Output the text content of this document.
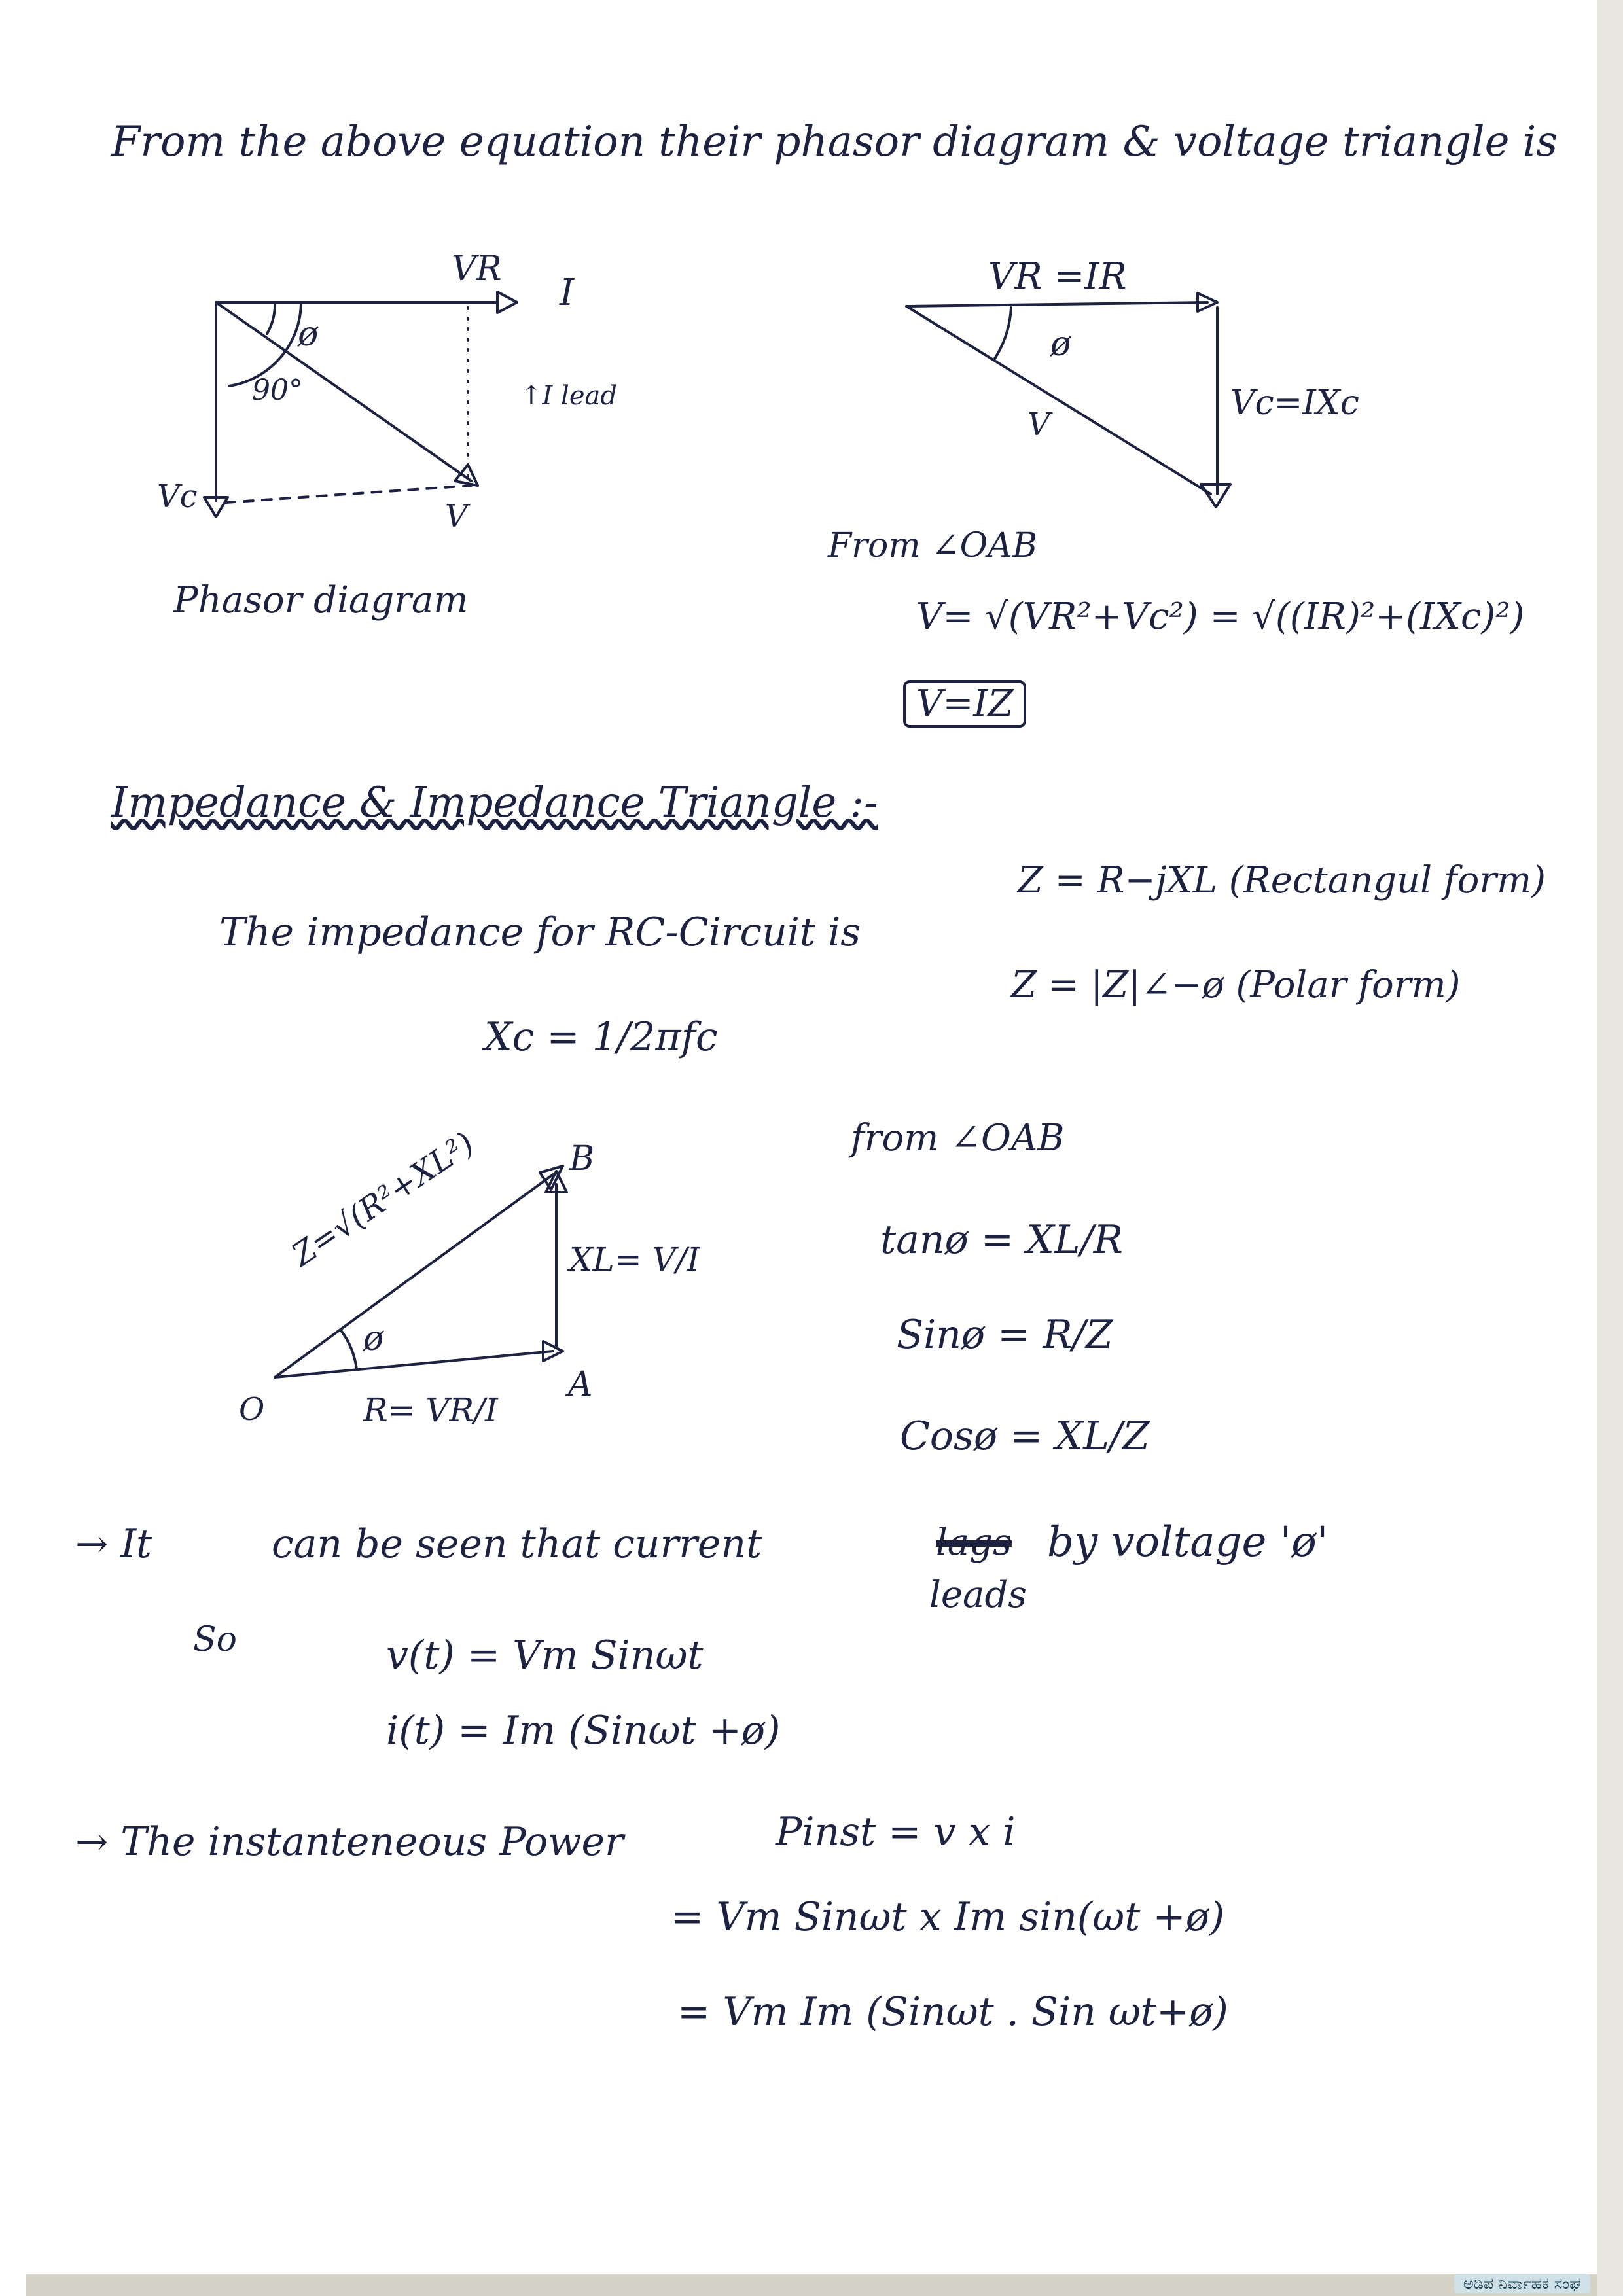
From the above equation their phasor diagram & voltage triangle is
VR
I
ø
90°	↑I lead
Vc
V
Phasor diagram
VR =IR
ø
V
Vc=IXc
From ∠OAB
V= √(VR²+Vc²) = √((IR)²+(IXc)²)
V=IZ
Impedance & Impedance Triangle :-
The impedance for RC-Circuit is
Z = R−jXL (Rectangul form)
Z = |Z|∠−ø (Polar form)
Xc = 1/2πfc
O
A
B
Z=√(R²+XL²)
ø
R= VR/I
XL= V/I
from ∠OAB
tanø = XL/R
Sinø = R/Z
Cosø = XL/Z
→ It	can be seen that current	lags by voltage 'ø'
leads
So	v(t) = Vm Sinωt
i(t) = Im (Sinωt +ø)
→ The instanteneous Power	Pinst = v x i
= Vm Sinωt x Im sin(ωt +ø)
= Vm Im (Sinωt . Sin ωt+ø)
ಅಡಿಪ ನಿರ್ವಾಹಕ ಸಂಘ
